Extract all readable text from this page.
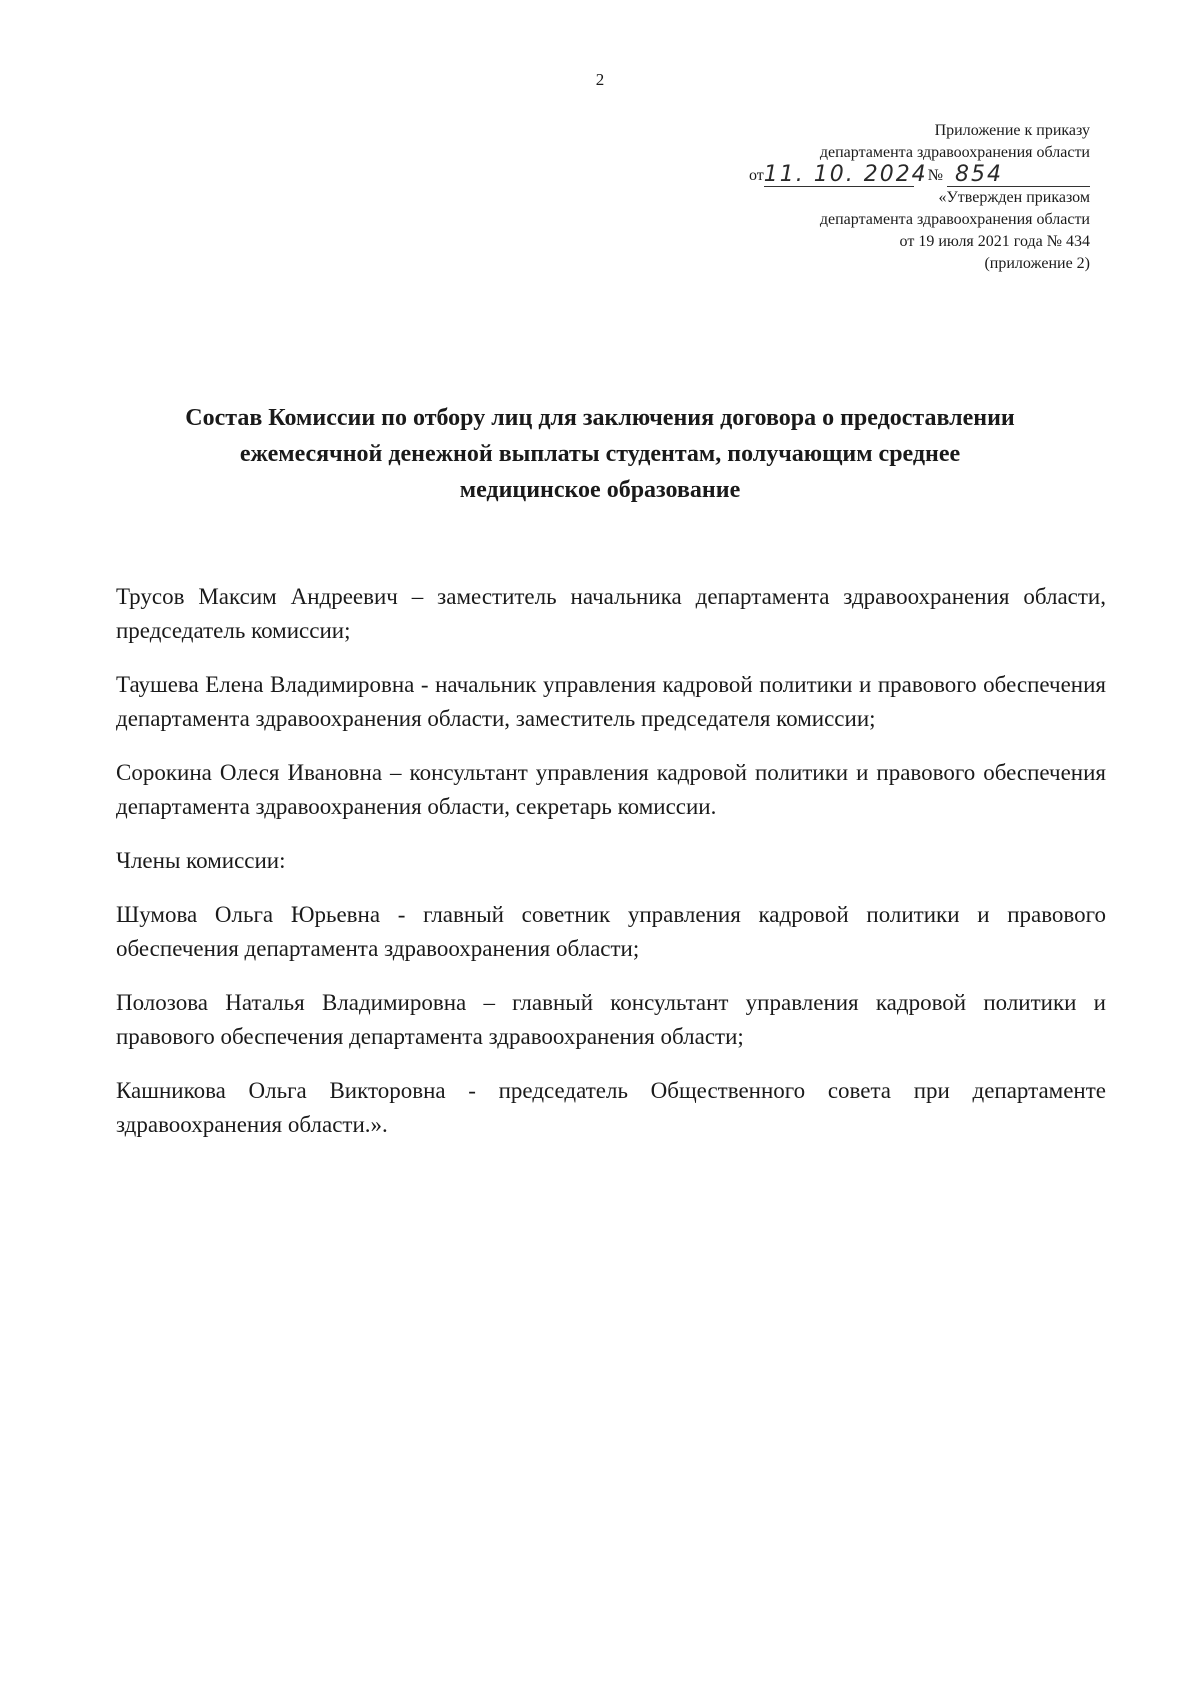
2
Приложение к приказу
департамента здравоохранения области
от 11. 10. 2024 № 854
«Утвержден приказом
департамента здравоохранения области
от 19 июля 2021 года № 434
(приложение 2)
Состав Комиссии по отбору лиц для заключения договора о предоставлении
ежемесячной денежной выплаты студентам, получающим среднее
медицинское образование

Трусов Максим Андреевич – заместитель начальника департамента здравоохранения области, председатель комиссии;

Таушева Елена Владимировна - начальник управления кадровой политики и правового обеспечения департамента здравоохранения области, заместитель председателя комиссии;

Сорокина Олеся Ивановна – консультант управления кадровой политики и правового обеспечения департамента здравоохранения области, секретарь комиссии.

Члены комиссии:

Шумова Ольга Юрьевна - главный советник управления кадровой политики и правового обеспечения департамента здравоохранения области;

Полозова Наталья Владимировна – главный консультант управления кадровой политики и правового обеспечения департамента здравоохранения области;

Кашникова Ольга Викторовна - председатель Общественного совета при департаменте здравоохранения области.».
